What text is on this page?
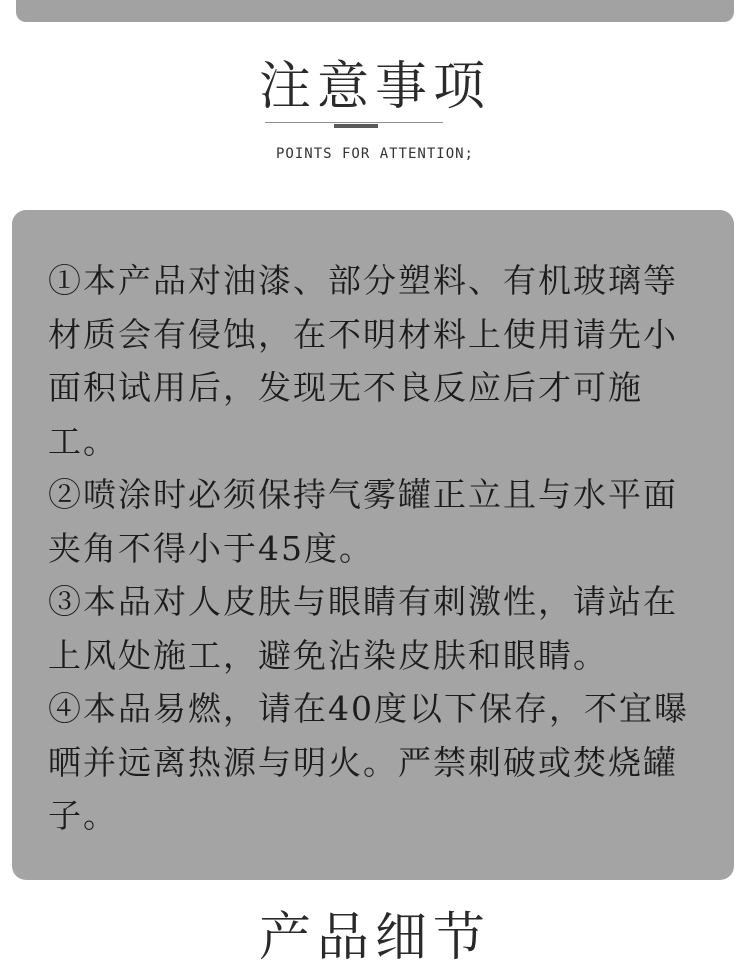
注意事项
POINTS FOR ATTENTION;

①本产品对油漆、部分塑料、有机玻璃等材质会有侵蚀，在不明材料上使用请先小面积试用后，发现无不良反应后才可施工。

②喷涂时必须保持气雾罐正立且与水平面夹角不得小于45度。

③本品对人皮肤与眼睛有刺激性，请站在上风处施工，避免沾染皮肤和眼睛。

④本品易燃，请在40度以下保存，不宜曝晒并远离热源与明火。严禁刺破或焚烧罐子。

产品细节
